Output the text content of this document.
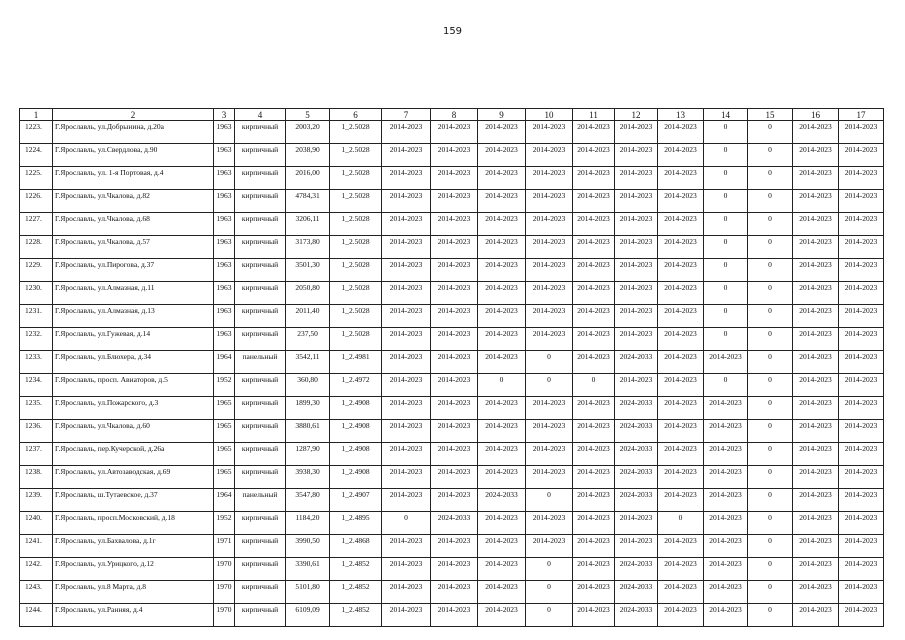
159
1	2	3	4	5	6	7	8	9	10	11	12	13	14	15	16	17
1223.	Г.Ярославль, ул.Добрынина, д.20а	1963	кирпичный	2003,20	1_2.5028	2014-2023	2014-2023	2014-2023	2014-2023	2014-2023	2014-2023	2014-2023	0	0	2014-2023	2014-2023
1224.	Г.Ярославль, ул.Свердлова, д.90	1963	кирпичный	2038,90	1_2.5028	2014-2023	2014-2023	2014-2023	2014-2023	2014-2023	2014-2023	2014-2023	0	0	2014-2023	2014-2023
1225.	Г.Ярославль, ул. 1-я Портовая, д.4	1963	кирпичный	2016,00	1_2.5028	2014-2023	2014-2023	2014-2023	2014-2023	2014-2023	2014-2023	2014-2023	0	0	2014-2023	2014-2023
1226.	Г.Ярославль, ул.Чкалова, д.82	1963	кирпичный	4784,31	1_2.5028	2014-2023	2014-2023	2014-2023	2014-2023	2014-2023	2014-2023	2014-2023	0	0	2014-2023	2014-2023
1227.	Г.Ярославль, ул.Чкалова, д.68	1963	кирпичный	3206,11	1_2.5028	2014-2023	2014-2023	2014-2023	2014-2023	2014-2023	2014-2023	2014-2023	0	0	2014-2023	2014-2023
1228.	Г.Ярославль, ул.Чкалова, д.57	1963	кирпичный	3173,80	1_2.5028	2014-2023	2014-2023	2014-2023	2014-2023	2014-2023	2014-2023	2014-2023	0	0	2014-2023	2014-2023
1229.	Г.Ярославль, ул.Пирогова, д.37	1963	кирпичный	3501,30	1_2.5028	2014-2023	2014-2023	2014-2023	2014-2023	2014-2023	2014-2023	2014-2023	0	0	2014-2023	2014-2023
1230.	Г.Ярославль, ул.Алмазная, д.11	1963	кирпичный	2050,80	1_2.5028	2014-2023	2014-2023	2014-2023	2014-2023	2014-2023	2014-2023	2014-2023	0	0	2014-2023	2014-2023
1231.	Г.Ярославль, ул.Алмазная, д.13	1963	кирпичный	2011,40	1_2.5028	2014-2023	2014-2023	2014-2023	2014-2023	2014-2023	2014-2023	2014-2023	0	0	2014-2023	2014-2023
1232.	Г.Ярославль, ул.Гужевая, д.14	1963	кирпичный	237,50	1_2.5028	2014-2023	2014-2023	2014-2023	2014-2023	2014-2023	2014-2023	2014-2023	0	0	2014-2023	2014-2023
1233.	Г.Ярославль, ул.Блюхера, д.34	1964	панельный	3542,11	1_2.4981	2014-2023	2014-2023	2014-2023	0	2014-2023	2024-2033	2014-2023	2014-2023	0	2014-2023	2014-2023
1234.	Г.Ярославль, просп. Авиаторов, д.5	1952	кирпичный	360,80	1_2.4972	2014-2023	2014-2023	0	0	0	2014-2023	2014-2023	0	0	2014-2023	2014-2023
1235.	Г.Ярославль, ул.Пожарского, д.3	1965	кирпичный	1899,30	1_2.4908	2014-2023	2014-2023	2014-2023	2014-2023	2014-2023	2024-2033	2014-2023	2014-2023	0	2014-2023	2014-2023
1236.	Г.Ярославль, ул.Чкалова, д.60	1965	кирпичный	3880,61	1_2.4908	2014-2023	2014-2023	2014-2023	2014-2023	2014-2023	2024-2033	2014-2023	2014-2023	0	2014-2023	2014-2023
1237.	Г.Ярославль, пер.Кучерской, д.26а	1965	кирпичный	1287,90	1_2.4908	2014-2023	2014-2023	2014-2023	2014-2023	2014-2023	2024-2033	2014-2023	2014-2023	0	2014-2023	2014-2023
1238.	Г.Ярославль, ул.Автозаводская, д.69	1965	кирпичный	3938,30	1_2.4908	2014-2023	2014-2023	2014-2023	2014-2023	2014-2023	2024-2033	2014-2023	2014-2023	0	2014-2023	2014-2023
1239.	Г.Ярославль, ш.Тутаевское, д.37	1964	панельный	3547,80	1_2.4907	2014-2023	2014-2023	2024-2033	0	2014-2023	2024-2033	2014-2023	2014-2023	0	2014-2023	2014-2023
1240.	Г.Ярославль, просп.Московский, д.18	1952	кирпичный	1184,20	1_2.4895	0	2024-2033	2014-2023	2014-2023	2014-2023	2014-2023	0	2014-2023	0	2014-2023	2014-2023
1241.	Г.Ярославль, ул.Бахвалова, д.1г	1971	кирпичный	3990,50	1_2.4868	2014-2023	2014-2023	2014-2023	2014-2023	2014-2023	2014-2023	2014-2023	2014-2023	0	2014-2023	2014-2023
1242.	Г.Ярославль, ул.Урицкого, д.12	1970	кирпичный	3390,61	1_2.4852	2014-2023	2014-2023	2014-2023	0	2014-2023	2024-2033	2014-2023	2014-2023	0	2014-2023	2014-2023
1243.	Г.Ярославль, ул.8 Марта, д.8	1970	кирпичный	5101,80	1_2.4852	2014-2023	2014-2023	2014-2023	0	2014-2023	2024-2033	2014-2023	2014-2023	0	2014-2023	2014-2023
1244.	Г.Ярославль, ул.Ранняя, д.4	1970	кирпичный	6109,09	1_2.4852	2014-2023	2014-2023	2014-2023	0	2014-2023	2024-2033	2014-2023	2014-2023	0	2014-2023	2014-2023
